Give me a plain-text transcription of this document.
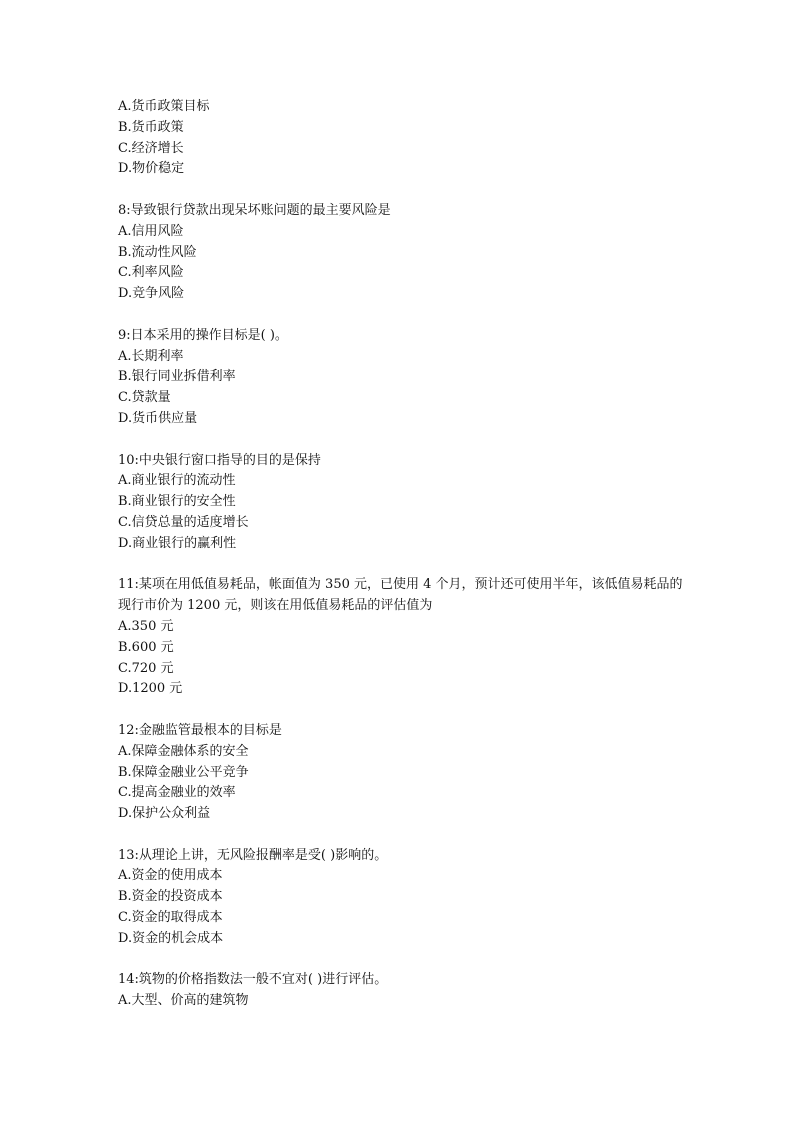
A.货币政策目标

B.货币政策

C.经济增长

D.物价稳定

8:导致银行贷款出现呆坏账问题的最主要风险是

A.信用风险

B.流动性风险

C.利率风险

D.竞争风险

9:日本采用的操作目标是( )。

A.长期利率

B.银行同业拆借利率

C.贷款量

D.货币供应量

10:中央银行窗口指导的目的是保持

A.商业银行的流动性

B.商业银行的安全性

C.信贷总量的适度增长

D.商业银行的赢利性

11:某项在用低值易耗品，帐面值为 350 元，已使用 4 个月，预计还可使用半年，该低值易耗品的现行市价为 1200 元，则该在用低值易耗品的评估值为

A.350 元

B.600 元

C.720 元

D.1200 元

12:金融监管最根本的目标是

A.保障金融体系的安全

B.保障金融业公平竞争

C.提高金融业的效率

D.保护公众利益

13:从理论上讲，无风险报酬率是受( )影响的。

A.资金的使用成本

B.资金的投资成本

C.资金的取得成本

D.资金的机会成本

14:筑物的价格指数法一般不宜对( )进行评估。

A.大型、价高的建筑物
